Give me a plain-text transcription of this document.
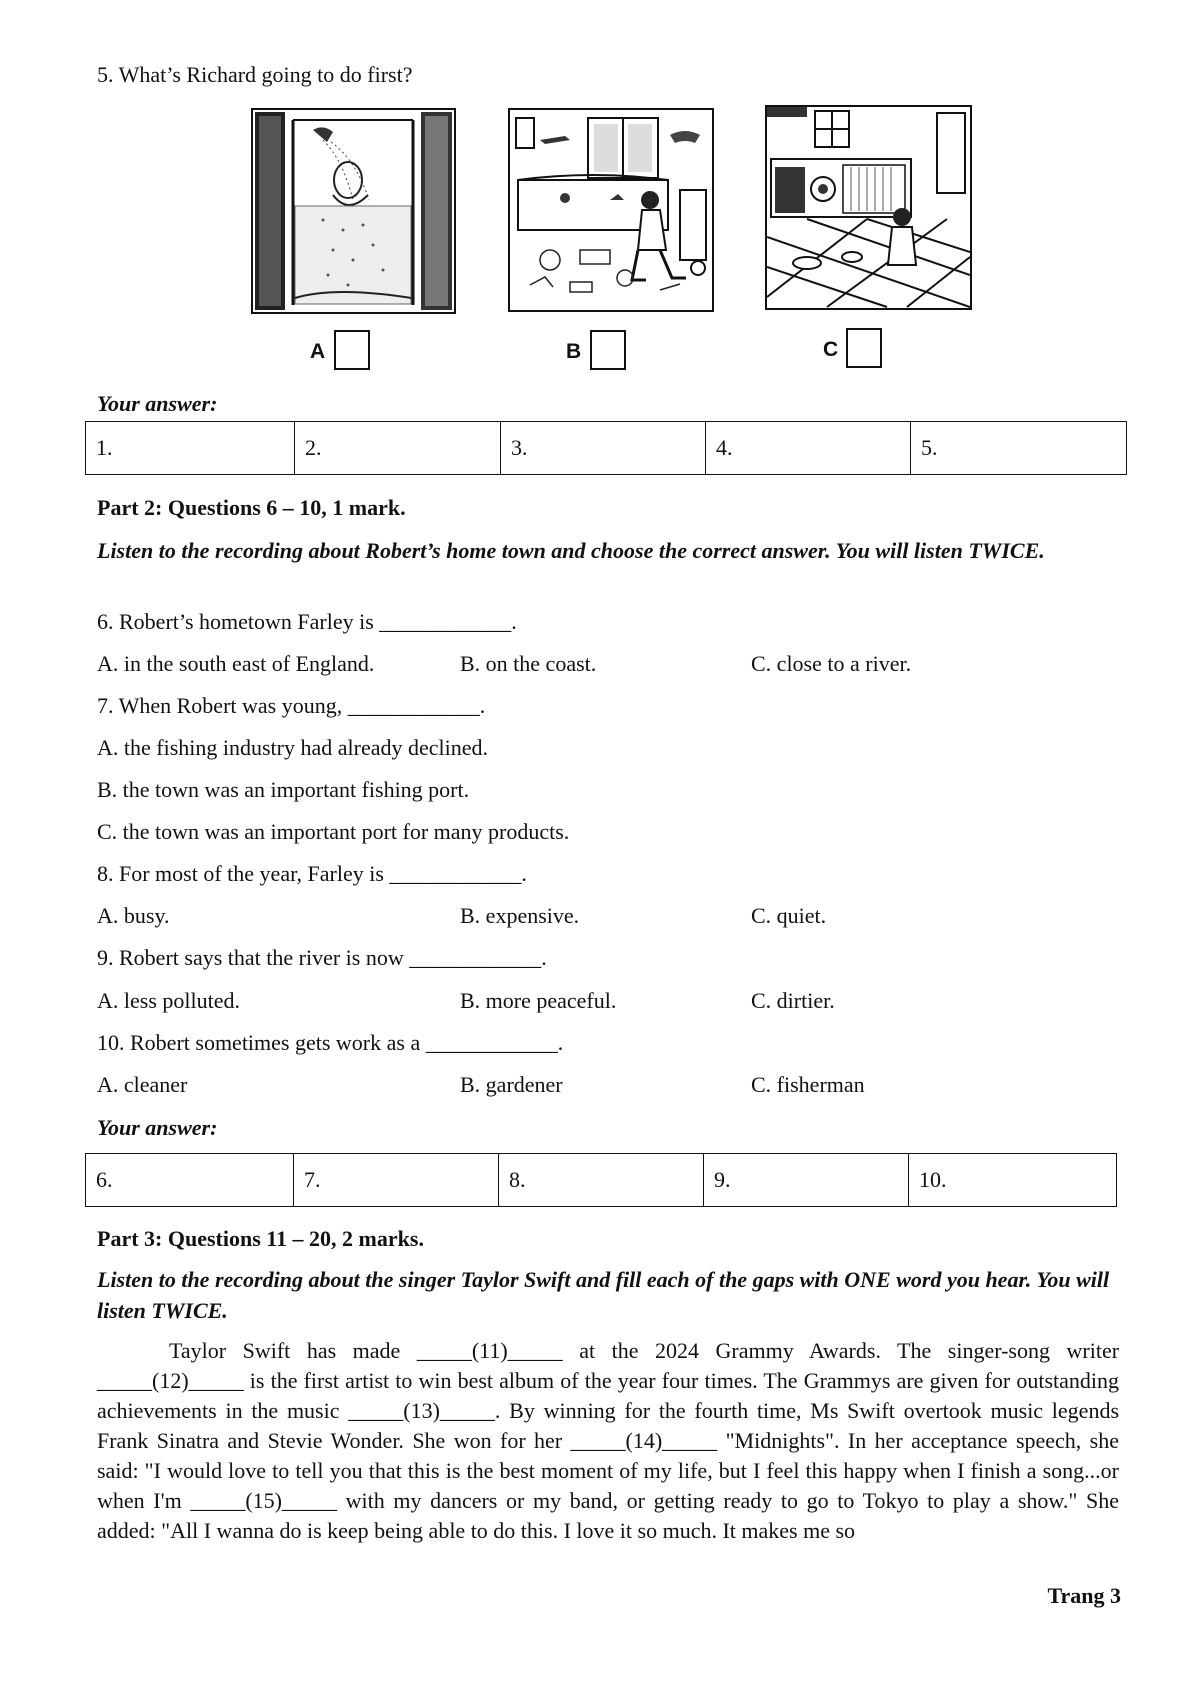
5. What’s Richard going to do first?
A	B	C
Your answer:
1.	2.	3.	4.	5.
Part 2: Questions 6 – 10, 1 mark.
Listen to the recording about Robert’s home town and choose the correct answer. You will listen TWICE.
6. Robert’s hometown Farley is ____________.
A. in the south east of England.	B. on the coast.	C. close to a river.
7. When Robert was young, ____________.
A. the fishing industry had already declined.
B. the town was an important fishing port.
C. the town was an important port for many products.
8. For most of the year, Farley is ____________.
A. busy.	B. expensive.	C. quiet.
9. Robert says that the river is now ____________.
A. less polluted.	B. more peaceful.	C. dirtier.
10. Robert sometimes gets work as a ____________.
A. cleaner	B. gardener	C. fisherman
Your answer:
6.	7.	8.	9.	10.
Part 3: Questions 11 – 20, 2 marks.
Listen to the recording about the singer Taylor Swift and fill each of the gaps with ONE word you hear. You will listen TWICE.

Taylor Swift has made _____(11)_____ at the 2024 Grammy Awards. The singer-song writer _____(12)_____ is the first artist to win best album of the year four times. The Grammys are given for outstanding achievements in the music _____(13)_____. By winning for the fourth time, Ms Swift overtook music legends Frank Sinatra and Stevie Wonder. She won for her _____(14)_____ "Midnights". In her acceptance speech, she said: "I would love to tell you that this is the best moment of my life, but I feel this happy when I finish a song...or when I'm _____(15)_____ with my dancers or my band, or getting ready to go to Tokyo to play a show." She added: "All I wanna do is keep being able to do this. I love it so much. It makes me so

Trang 3
